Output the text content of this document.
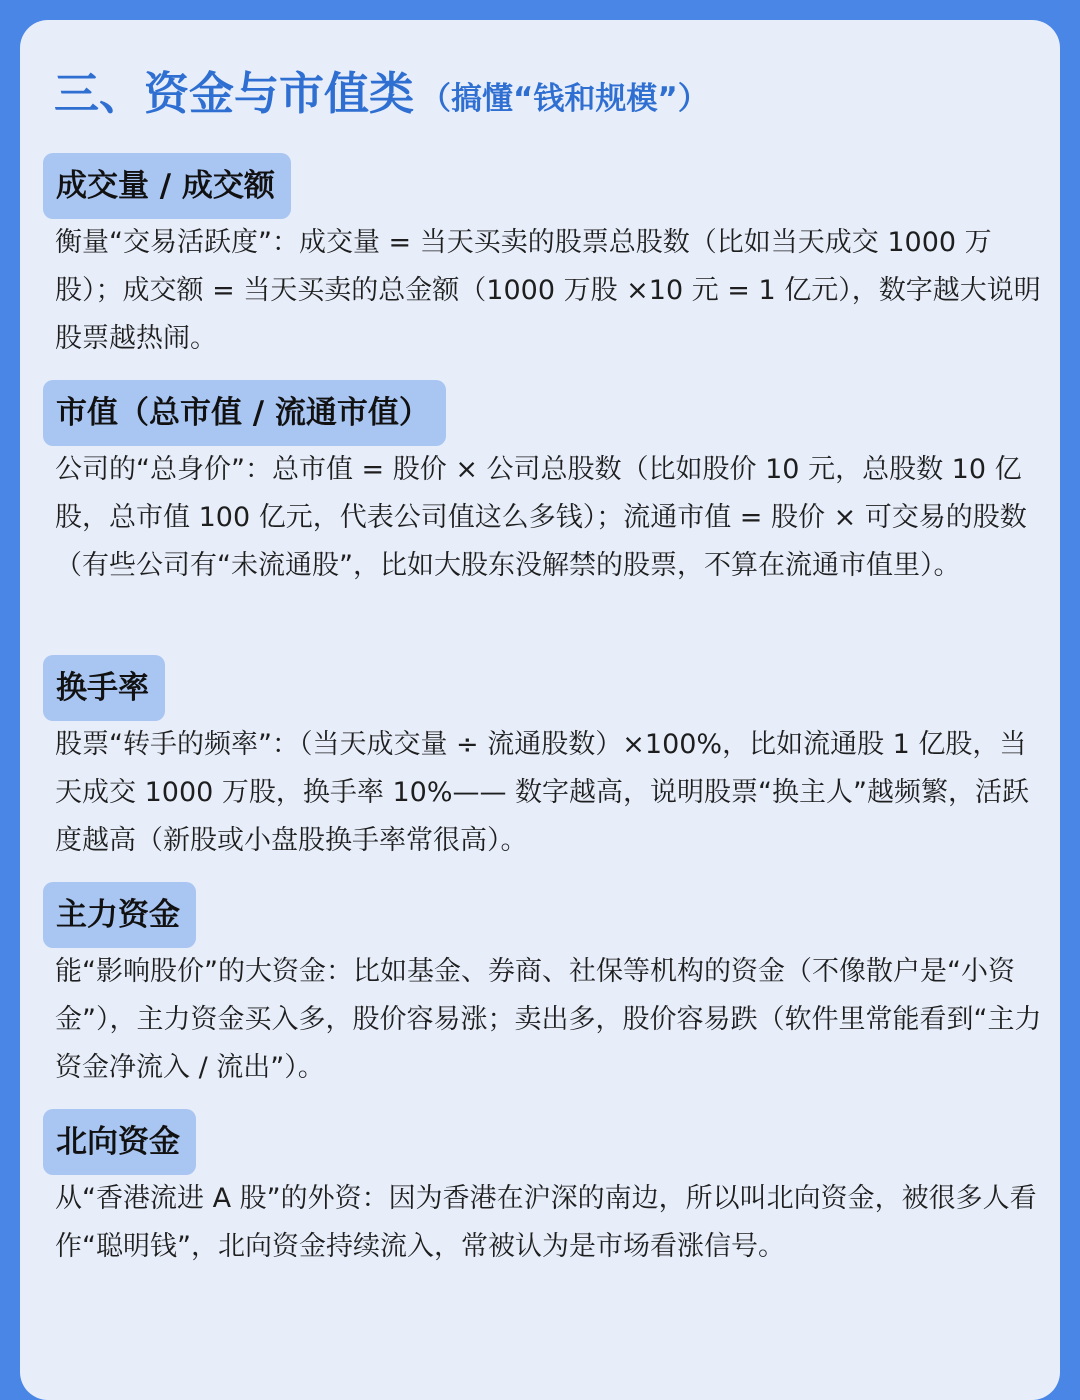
三、资金与市值类 （搞懂“钱和规模”）
成交量 / 成交额

衡量“交易活跃度”：成交量 = 当天买卖的股票总股数（比如当天成交 1000 万股）；成交额 = 当天买卖的总金额（1000 万股 ×10 元 = 1 亿元），数字越大说明股票越热闹。

市值（总市值 / 流通市值）

公司的“总身价”：总市值 = 股价 × 公司总股数（比如股价 10 元，总股数 10 亿股，总市值 100 亿元，代表公司值这么多钱）；流通市值 = 股价 × 可交易的股数（有些公司有“未流通股”，比如大股东没解禁的股票，不算在流通市值里）。

换手率

股票“转手的频率”：（当天成交量 ÷ 流通股数）×100%，比如流通股 1 亿股，当天成交 1000 万股，换手率 10%—— 数字越高，说明股票“换主人”越频繁，活跃度越高（新股或小盘股换手率常很高）。

主力资金

能“影响股价”的大资金：比如基金、券商、社保等机构的资金（不像散户是“小资金”），主力资金买入多，股价容易涨；卖出多，股价容易跌（软件里常能看到“主力资金净流入 / 流出”）。

北向资金

从“香港流进 A 股”的外资：因为香港在沪深的南边，所以叫北向资金，被很多人看作“聪明钱”，北向资金持续流入，常被认为是市场看涨信号。
